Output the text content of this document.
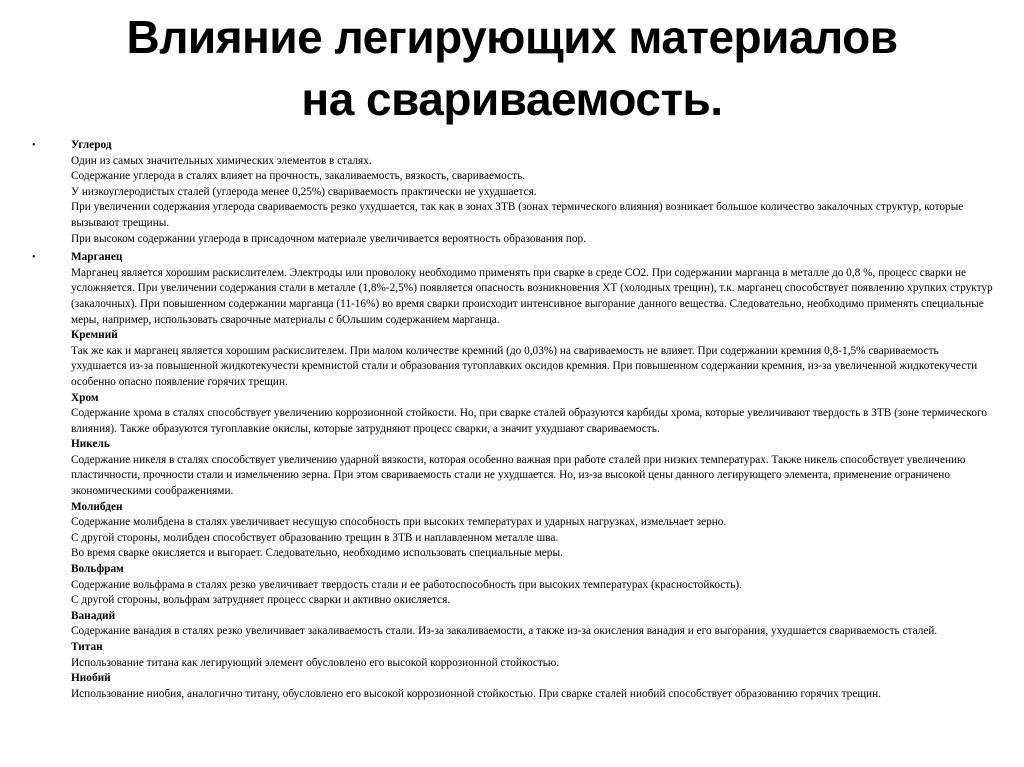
Влияние легирующих материалов
на свариваемость.
•	Углерод
Один из самых значительных химических элементов в сталях.
Содержание углерода в сталях влияет на прочность, закаливаемость, вязкость, свариваемость.
У низкоуглеродистых сталей (углерода менее 0,25%) свариваемость практически не ухудшается.
При увеличении содержания углерода свариваемость резко ухудшается, так как в зонах ЗТВ (зонах термического влияния) возникает большое количество закалочных структур, которые вызывают трещины.
При высоком содержании углерода в присадочном материале увеличивается вероятность образования пор.
•	Марганец
Марганец является хорошим раскислителем. Электроды или проволоку необходимо применять при сварке в среде СО2. При содержании марганца в металле до 0,8 %, процесс сварки не усложняется. При увеличении содержания стали в металле (1,8%-2,5%) появляется опасность возникновения ХТ (холодных трещин), т.к. марганец способствует появлению хрупких структур (закалочных). При повышенном содержании марганца (11-16%) во время сварки происходит интенсивное выгорание данного вещества. Следовательно, необходимо применять специальные меры, например, использовать сварочные материалы с бОльшим содержанием марганца.
Кремний
Так же как и марганец является хорошим раскислителем. При малом количестве кремний (до 0,03%) на свариваемость не влияет. При содержании кремния 0,8-1,5% свариваемость ухудшается из-за повышенной жидкотекучести кремнистой стали и образования тугоплавких оксидов кремния. При повышенном содержании кремния, из-за увеличенной жидкотекучести особенно опасно появление горячих трещин.
Хром
Содержание хрома в сталях способствует увеличению коррозионной стойкости. Но, при сварке сталей образуются карбиды хрома, которые увеличивают твердость в ЗТВ (зоне термического влияния). Также образуются тугоплавкие окислы, которые затрудняют процесс сварки, а значит ухудшают свариваемость.
Никель
Содержание никеля в сталях способствует увеличению ударной вязкости, которая особенно важная при работе сталей при низких температурах. Также никель способствует увеличению пластичности, прочности стали и измельчению зерна. При этом свариваемость стали не ухудшается. Но, из-за высокой цены данного легирующего элемента, применение ограничено экономическими соображениями.
Молибден
Содержание молибдена в сталях увеличивает несущую способность при высоких температурах и ударных нагрузках, измельчает зерно.
С другой стороны, молибден способствует образованию трещин в ЗТВ и наплавленном металле шва.
Во время сварке окисляется и выгорает. Следовательно, необходимо использовать специальные меры.
Вольфрам
Содержание вольфрама в сталях резко увеличивает твердость стали и ее работоспособность при высоких температурах (красностойкость).
С другой стороны, вольфрам затрудняет процесс сварки и активно окисляется.
Ванадий
Содержание ванадия в сталях резко увеличивает закаливаемость стали. Из-за закаливаемости, а также из-за окисления ванадия и его выгорания, ухудшается свариваемость сталей.
Титан
Использование титана как легирующий элемент обусловлено его высокой коррозионной стойкостью.
Ниобий
Использование ниобия, аналогично титану, обусловлено его высокой коррозионной стойкостью. При сварке сталей ниобий способствует образованию горячих трещин.
